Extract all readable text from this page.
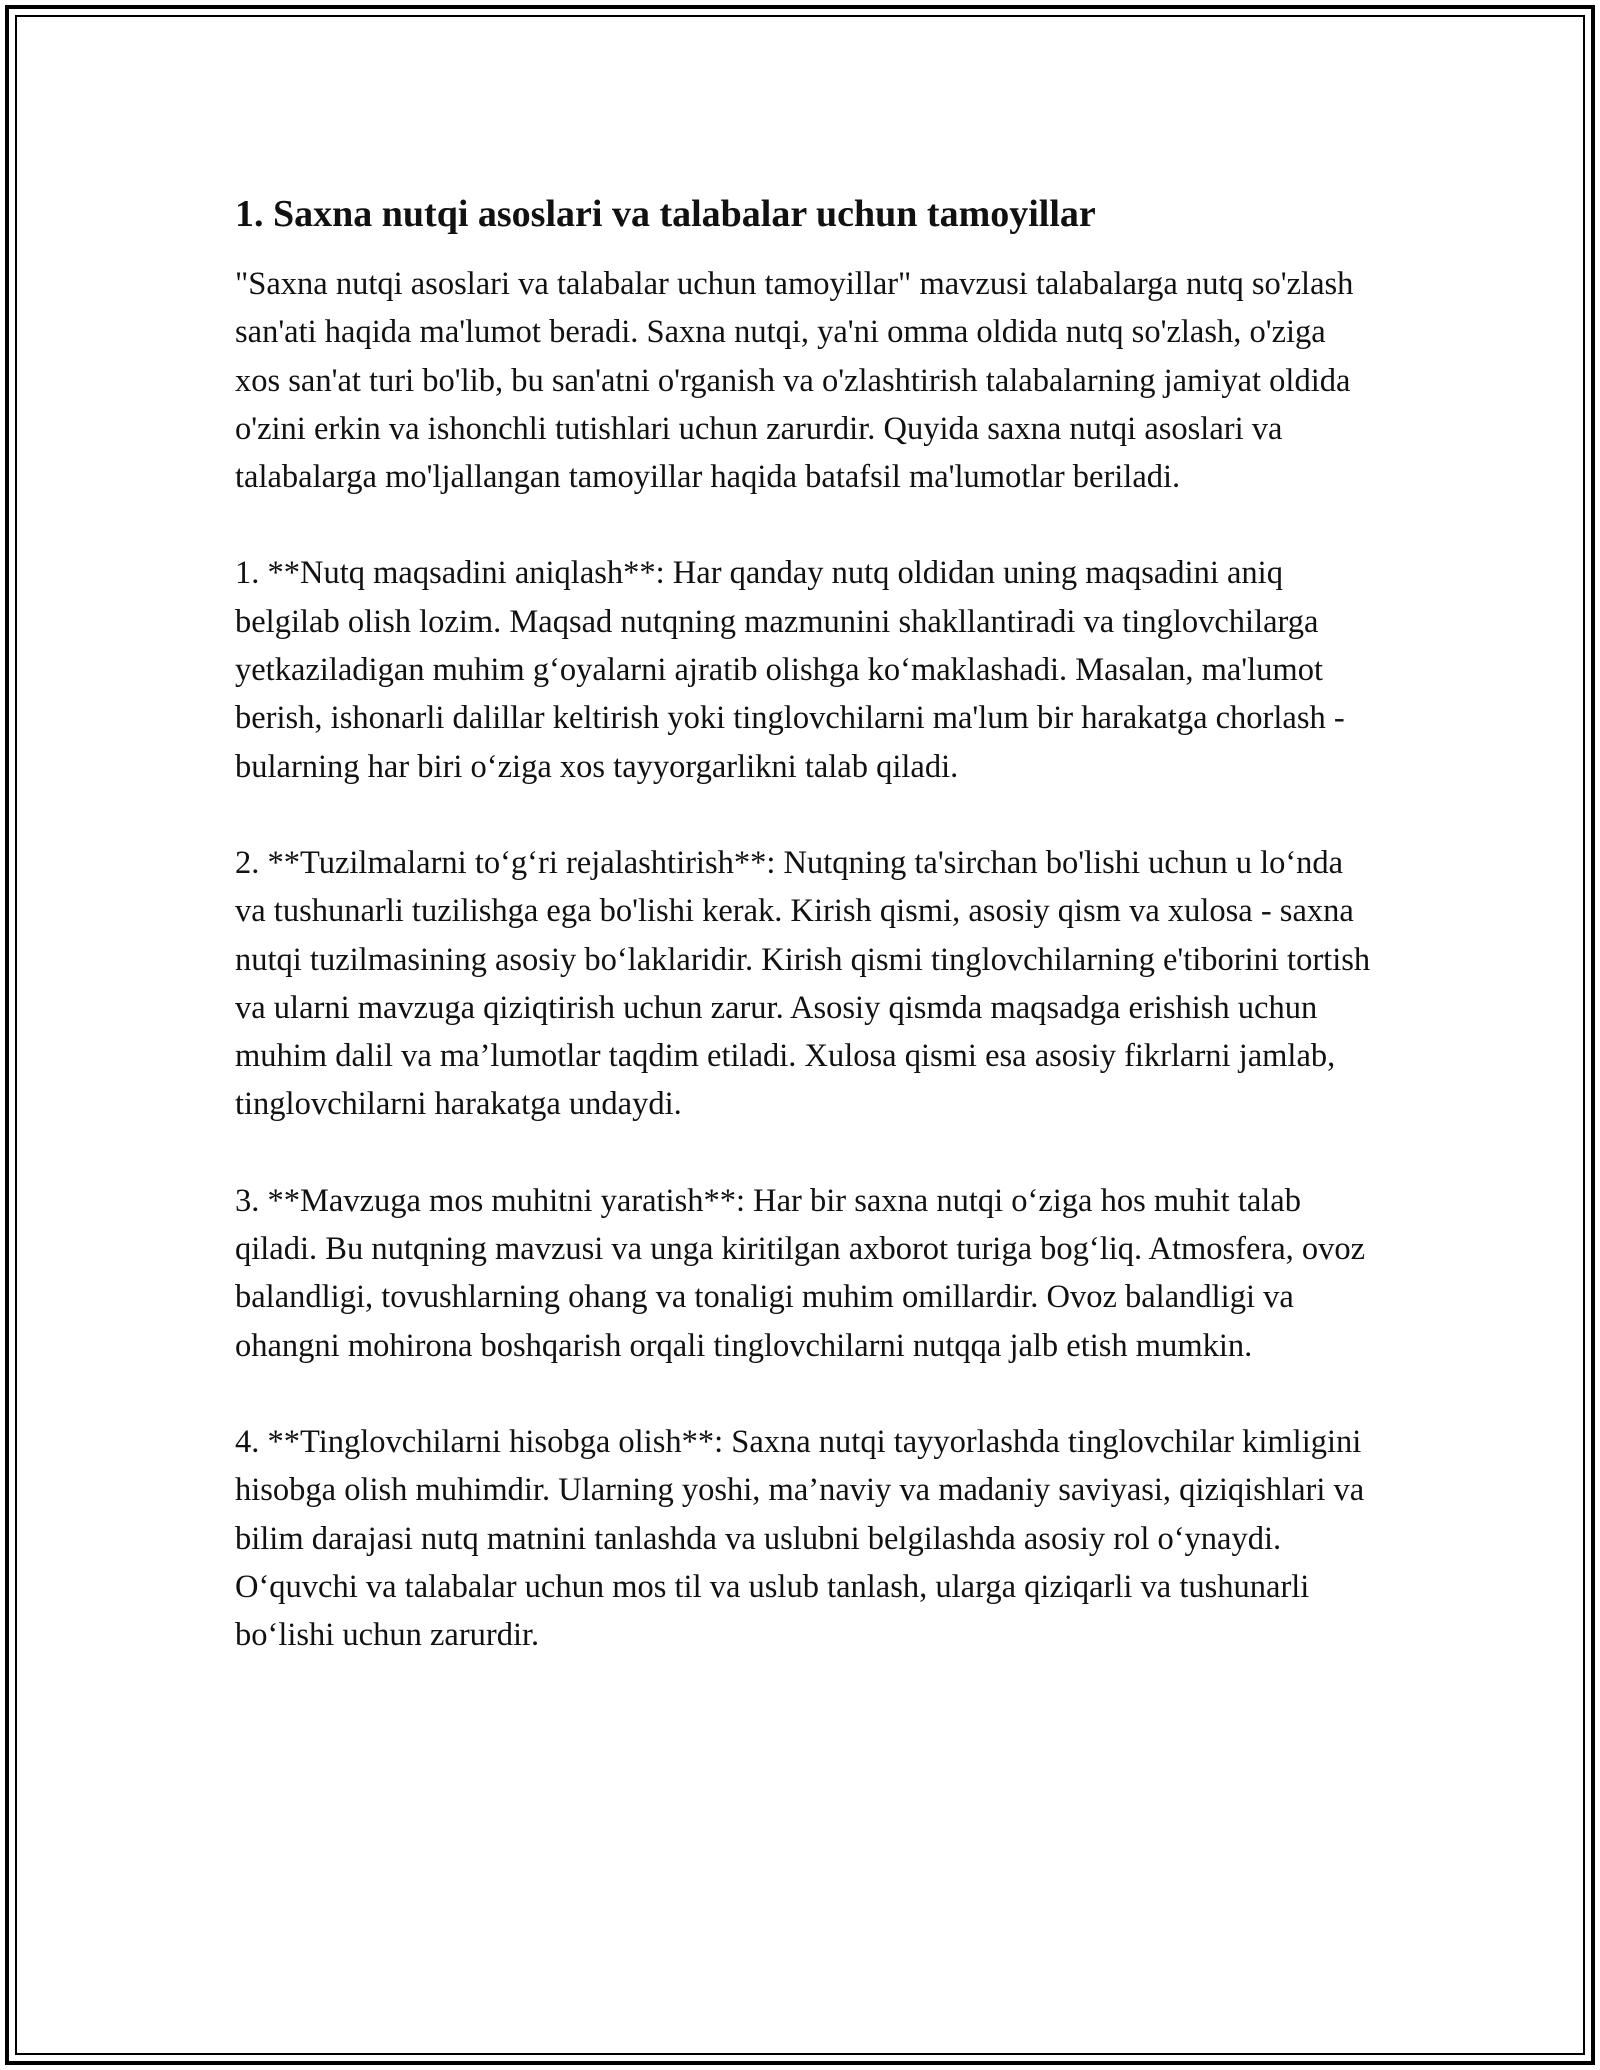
1. Saxna nutqi asoslari va talabalar uchun tamoyillar

"Saxna nutqi asoslari va talabalar uchun tamoyillar" mavzusi talabalarga nutq so'zlash san'ati haqida ma'lumot beradi. Saxna nutqi, ya'ni omma oldida nutq so'zlash, o'ziga xos san'at turi bo'lib, bu san'atni o'rganish va o'zlashtirish talabalarning jamiyat oldida o'zini erkin va ishonchli tutishlari uchun zarurdir. Quyida saxna nutqi asoslari va talabalarga mo'ljallangan tamoyillar haqida batafsil ma'lumotlar beriladi.

1. **Nutq maqsadini aniqlash**: Har qanday nutq oldidan uning maqsadini aniq belgilab olish lozim. Maqsad nutqning mazmunini shakllantiradi va tinglovchilarga yetkaziladigan muhim g‘oyalarni ajratib olishga ko‘maklashadi. Masalan, ma'lumot berish, ishonarli dalillar keltirish yoki tinglovchilarni ma'lum bir harakatga chorlash - bularning har biri o‘ziga xos tayyorgarlikni talab qiladi.

2. **Tuzilmalarni to‘g‘ri rejalashtirish**: Nutqning ta'sirchan bo'lishi uchun u lo‘nda va tushunarli tuzilishga ega bo'lishi kerak. Kirish qismi, asosiy qism va xulosa - saxna nutqi tuzilmasining asosiy bo‘laklaridir. Kirish qismi tinglovchilarning e'tiborini tortish va ularni mavzuga qiziqtirish uchun zarur. Asosiy qismda maqsadga erishish uchun muhim dalil va ma’lumotlar taqdim etiladi. Xulosa qismi esa asosiy fikrlarni jamlab, tinglovchilarni harakatga undaydi.

3. **Mavzuga mos muhitni yaratish**: Har bir saxna nutqi o‘ziga hos muhit talab qiladi. Bu nutqning mavzusi va unga kiritilgan axborot turiga bog‘liq. Atmosfera, ovoz balandligi, tovushlarning ohang va tonaligi muhim omillardir. Ovoz balandligi va ohangni mohirona boshqarish orqali tinglovchilarni nutqqa jalb etish mumkin.

4. **Tinglovchilarni hisobga olish**: Saxna nutqi tayyorlashda tinglovchilar kimligini hisobga olish muhimdir. Ularning yoshi, ma’naviy va madaniy saviyasi, qiziqishlari va bilim darajasi nutq matnini tanlashda va uslubni belgilashda asosiy rol o‘ynaydi. O‘quvchi va talabalar uchun mos til va uslub tanlash, ularga qiziqarli va tushunarli bo‘lishi uchun zarurdir.
